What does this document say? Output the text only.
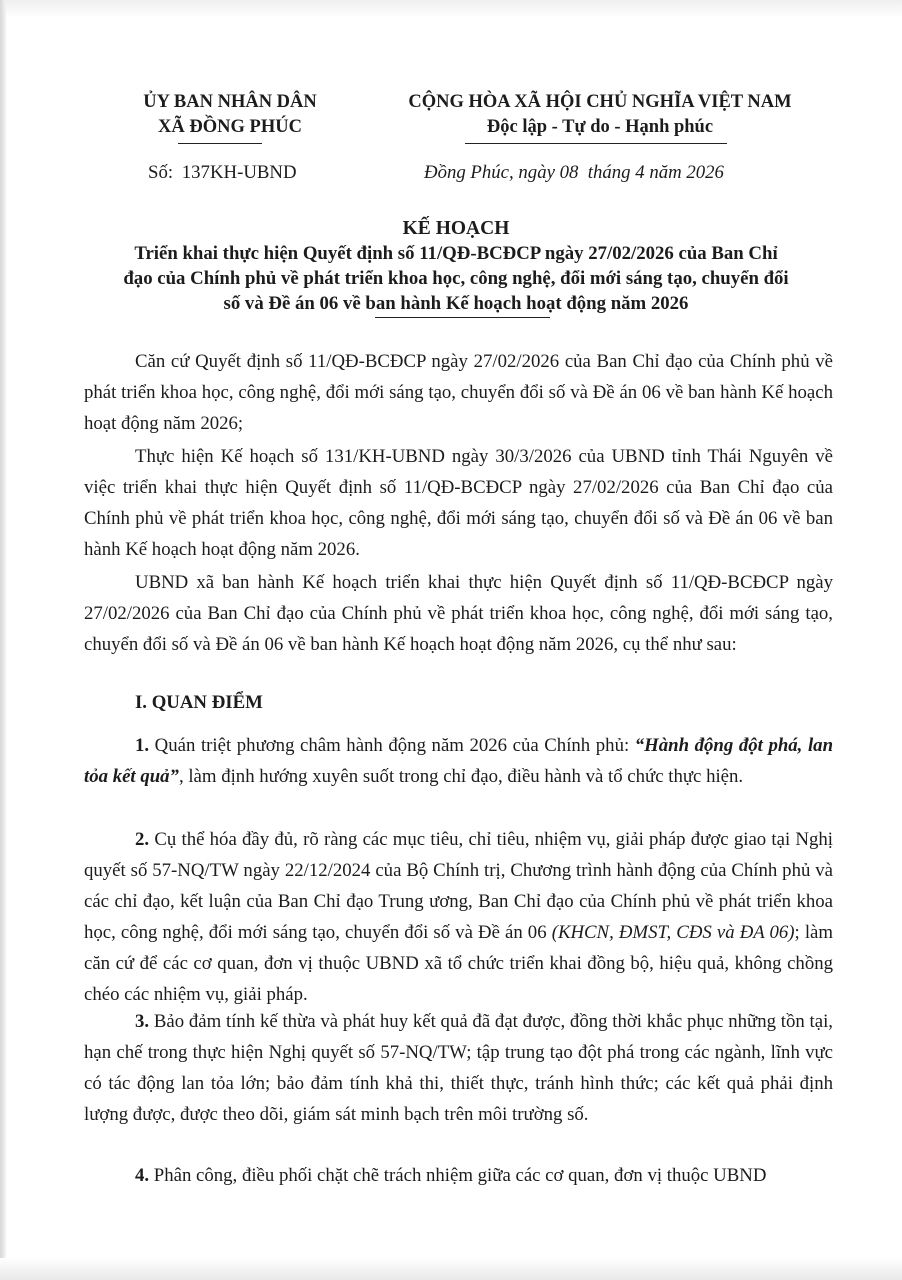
ỦY BAN NHÂN DÂN
XÃ ĐỒNG PHÚC
CỘNG HÒA XÃ HỘI CHỦ NGHĨA VIỆT NAM
Độc lập - Tự do - Hạnh phúc
Số: 137KH-UBND	Đồng Phúc, ngày 08  tháng 4 năm 2026
KẾ HOẠCH
Triển khai thực hiện Quyết định số 11/QĐ-BCĐCP ngày 27/02/2026 của Ban Chỉ
đạo của Chính phủ về phát triển khoa học, công nghệ, đổi mới sáng tạo, chuyển đổi
số và Đề án 06 về ban hành Kế hoạch hoạt động năm 2026
Căn cứ Quyết định số 11/QĐ-BCĐCP ngày 27/02/2026 của Ban Chỉ đạo của Chính phủ về phát triển khoa học, công nghệ, đổi mới sáng tạo, chuyển đổi số và Đề án 06 về ban hành Kế hoạch hoạt động năm 2026;
Thực hiện Kế hoạch số 131/KH-UBND ngày 30/3/2026 của UBND tỉnh Thái Nguyên về việc triển khai thực hiện Quyết định số 11/QĐ-BCĐCP ngày 27/02/2026 của Ban Chỉ đạo của Chính phủ về phát triển khoa học, công nghệ, đổi mới sáng tạo, chuyển đổi số và Đề án 06 về ban hành Kế hoạch hoạt động năm 2026.
UBND xã ban hành Kế hoạch triển khai thực hiện Quyết định số 11/QĐ-BCĐCP ngày 27/02/2026 của Ban Chỉ đạo của Chính phủ về phát triển khoa học, công nghệ, đổi mới sáng tạo, chuyển đổi số và Đề án 06 về ban hành Kế hoạch hoạt động năm 2026, cụ thể như sau:
I. QUAN ĐIỂM
1. Quán triệt phương châm hành động năm 2026 của Chính phủ: “Hành động đột phá, lan tỏa kết quả”, làm định hướng xuyên suốt trong chỉ đạo, điều hành và tổ chức thực hiện.
2. Cụ thể hóa đầy đủ, rõ ràng các mục tiêu, chỉ tiêu, nhiệm vụ, giải pháp được giao tại Nghị quyết số 57-NQ/TW ngày 22/12/2024 của Bộ Chính trị, Chương trình hành động của Chính phủ và các chỉ đạo, kết luận của Ban Chỉ đạo Trung ương, Ban Chỉ đạo của Chính phủ về phát triển khoa học, công nghệ, đổi mới sáng tạo, chuyển đổi số và Đề án 06 (KHCN, ĐMST, CĐS và ĐA 06); làm căn cứ để các cơ quan, đơn vị thuộc UBND xã tổ chức triển khai đồng bộ, hiệu quả, không chồng chéo các nhiệm vụ, giải pháp.
3. Bảo đảm tính kế thừa và phát huy kết quả đã đạt được, đồng thời khắc phục những tồn tại, hạn chế trong thực hiện Nghị quyết số 57-NQ/TW; tập trung tạo đột phá trong các ngành, lĩnh vực có tác động lan tỏa lớn; bảo đảm tính khả thi, thiết thực, tránh hình thức; các kết quả phải định lượng được, được theo dõi, giám sát minh bạch trên môi trường số.
4. Phân công, điều phối chặt chẽ trách nhiệm giữa các cơ quan, đơn vị thuộc UBND
